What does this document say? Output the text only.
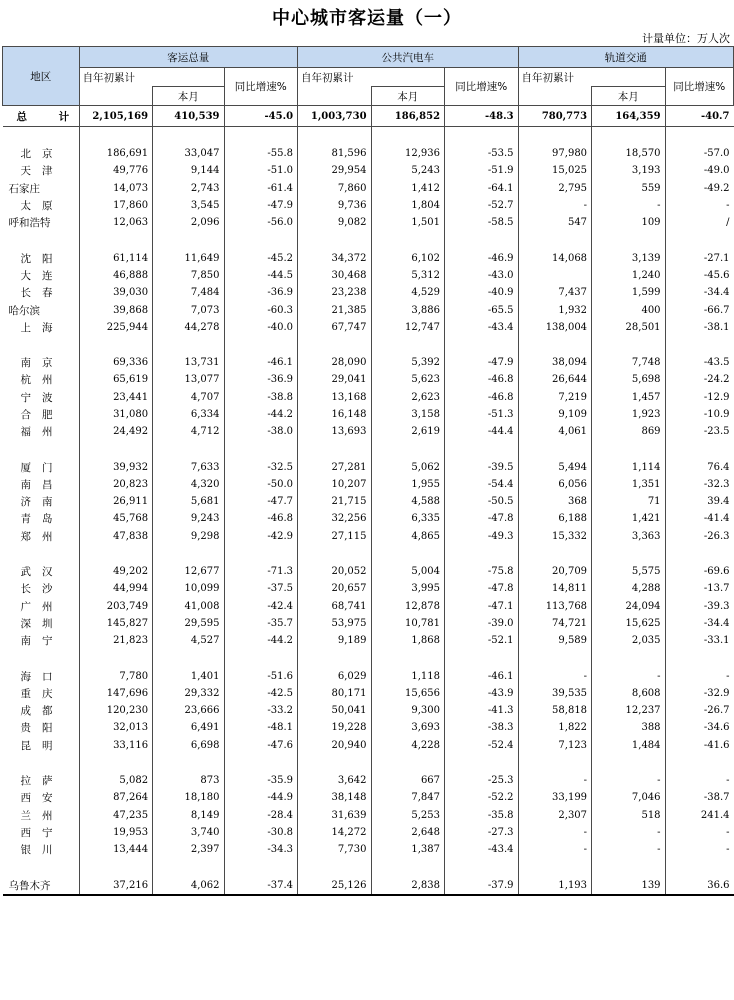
中心城市客运量（一）
计量单位：万人次
地区	客运总量			公共汽电车			轨道交通		
	自年初累计		同比增速%	自年初累计		同比增速%	自年初累计		同比增速%
		本月			本月			本月	
总 计	2,105,169	410,539	-45.0	1,003,730	186,852	-48.3	780,773	164,359	-40.7

北京	186,691	33,047	-55.8	81,596	12,936	-53.5	97,980	18,570	-57.0
天津	49,776	9,144	-51.0	29,954	5,243	-51.9	15,025	3,193	-49.0
石家庄	14,073	2,743	-61.4	7,860	1,412	-64.1	2,795	559	-49.2
太原	17,860	3,545	-47.9	9,736	1,804	-52.7	-	-	-
呼和浩特	12,063	2,096	-56.0	9,082	1,501	-58.5	547	109	/

沈阳	61,114	11,649	-45.2	34,372	6,102	-46.9	14,068	3,139	-27.1
大连	46,888	7,850	-44.5	30,468	5,312	-43.0		1,240	-45.6
长春	39,030	7,484	-36.9	23,238	4,529	-40.9	7,437	1,599	-34.4
哈尔滨	39,868	7,073	-60.3	21,385	3,886	-65.5	1,932	400	-66.7
上海	225,944	44,278	-40.0	67,747	12,747	-43.4	138,004	28,501	-38.1

南京	69,336	13,731	-46.1	28,090	5,392	-47.9	38,094	7,748	-43.5
杭州	65,619	13,077	-36.9	29,041	5,623	-46.8	26,644	5,698	-24.2
宁波	23,441	4,707	-38.8	13,168	2,623	-46.8	7,219	1,457	-12.9
合肥	31,080	6,334	-44.2	16,148	3,158	-51.3	9,109	1,923	-10.9
福州	24,492	4,712	-38.0	13,693	2,619	-44.4	4,061	869	-23.5

厦门	39,932	7,633	-32.5	27,281	5,062	-39.5	5,494	1,114	76.4
南昌	20,823	4,320	-50.0	10,207	1,955	-54.4	6,056	1,351	-32.3
济南	26,911	5,681	-47.7	21,715	4,588	-50.5	368	71	39.4
青岛	45,768	9,243	-46.8	32,256	6,335	-47.8	6,188	1,421	-41.4
郑州	47,838	9,298	-42.9	27,115	4,865	-49.3	15,332	3,363	-26.3

武汉	49,202	12,677	-71.3	20,052	5,004	-75.8	20,709	5,575	-69.6
长沙	44,994	10,099	-37.5	20,657	3,995	-47.8	14,811	4,288	-13.7
广州	203,749	41,008	-42.4	68,741	12,878	-47.1	113,768	24,094	-39.3
深圳	145,827	29,595	-35.7	53,975	10,781	-39.0	74,721	15,625	-34.4
南宁	21,823	4,527	-44.2	9,189	1,868	-52.1	9,589	2,035	-33.1

海口	7,780	1,401	-51.6	6,029	1,118	-46.1	-	-	-
重庆	147,696	29,332	-42.5	80,171	15,656	-43.9	39,535	8,608	-32.9
成都	120,230	23,666	-33.2	50,041	9,300	-41.3	58,818	12,237	-26.7
贵阳	32,013	6,491	-48.1	19,228	3,693	-38.3	1,822	388	-34.6
昆明	33,116	6,698	-47.6	20,940	4,228	-52.4	7,123	1,484	-41.6

拉萨	5,082	873	-35.9	3,642	667	-25.3	-	-	-
西安	87,264	18,180	-44.9	38,148	7,847	-52.2	33,199	7,046	-38.7
兰州	47,235	8,149	-28.4	31,639	5,253	-35.8	2,307	518	241.4
西宁	19,953	3,740	-30.8	14,272	2,648	-27.3	-	-	-
银川	13,444	2,397	-34.3	7,730	1,387	-43.4	-	-	-

乌鲁木齐	37,216	4,062	-37.4	25,126	2,838	-37.9	1,193	139	36.6
